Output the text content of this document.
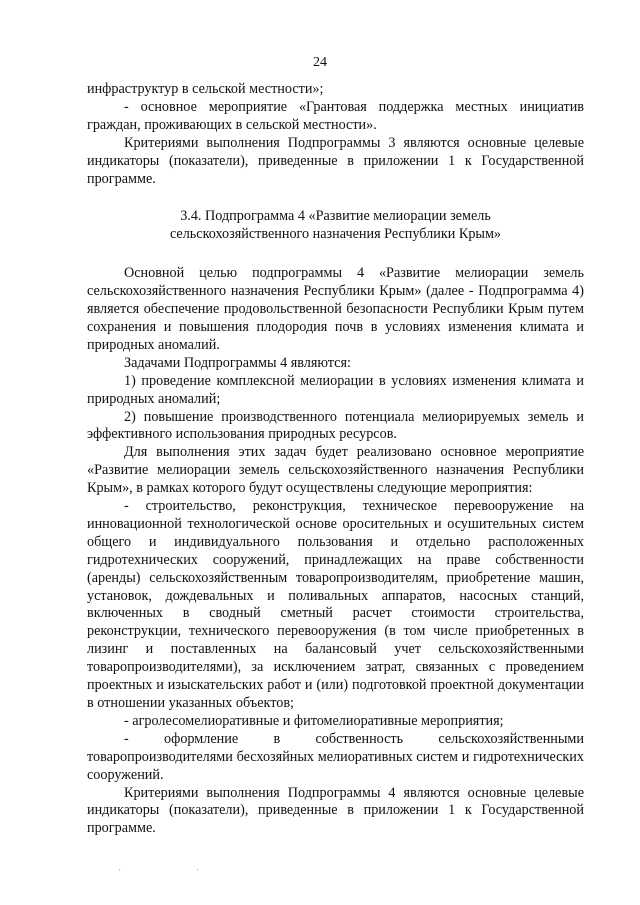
24

инфраструктур в сельской местности»;

- основное мероприятие «Грантовая поддержка местных инициатив граждан, проживающих в сельской местности».

Критериями выполнения Подпрограммы 3 являются основные целевые индикаторы (показатели), приведенные в приложении 1 к Государственной программе.

3.4. Подпрограмма 4 «Развитие мелиорации земель

сельскохозяйственного назначения Республики Крым»

Основной целью подпрограммы 4 «Развитие мелиорации земель сельскохозяйственного назначения Республики Крым» (далее - Подпрограмма 4) является обеспечение продовольственной безопасности Республики Крым путем сохранения и повышения плодородия почв в условиях изменения климата и природных аномалий.

Задачами Подпрограммы 4 являются:

1) проведение комплексной мелиорации в условиях изменения климата и природных аномалий;

2) повышение производственного потенциала мелиорируемых земель и эффективного использования природных ресурсов.

Для выполнения этих задач будет реализовано основное мероприятие «Развитие мелиорации земель сельскохозяйственного назначения Республики Крым», в рамках которого будут осуществлены следующие мероприятия:

- строительство, реконструкция, техническое перевооружение на инновационной технологической основе оросительных и осушительных систем общего и индивидуального пользования и отдельно расположенных гидротехнических сооружений, принадлежащих на праве собственности (аренды) сельскохозяйственным товаропроизводителям, приобретение машин, установок, дождевальных и поливальных аппаратов, насосных станций, включенных в сводный сметный расчет стоимости строительства, реконструкции, технического перевооружения (в том числе приобретенных в лизинг и поставленных на балансовый учет сельскохозяйственными товаропроизводителями), за исключением затрат, связанных с проведением проектных и изыскательских работ и (или) подготовкой проектной документации в отношении указанных объектов;

- агролесомелиоративные и фитомелиоративные мероприятия;

- оформление в собственность сельскохозяйственными товаропроизводителями бесхозяйных мелиоративных систем и гидротехнических сооружений.

Критериями выполнения Подпрограммы 4 являются основные целевые индикаторы (показатели), приведенные в приложении 1 к Государственной программе.

·	·
